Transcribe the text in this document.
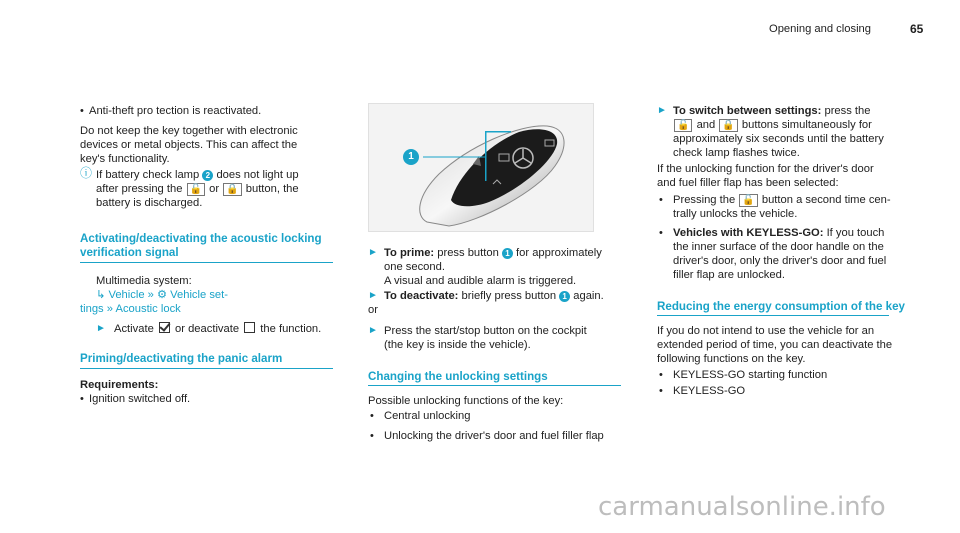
Opening and closing	65
• Anti-theft pro tection is reactivated.
Do not keep the key together with electronic
devices or metal objects. This can affect the
key's functionality.
ⓘ If battery check lamp 2 does not light up
after pressing the 🔓 or 🔒 button, the
battery is discharged.
Activating/deactivating the acoustic locking
verification signal
Multimedia system:
↳ Vehicle » ⚙ Vehicle set-
tings » Acoustic lock
► Activate or deactivate the function.
Priming/deactivating the panic alarm
Requirements:
• Ignition switched off.
1
► To prime: press button 1 for approximately
one second.
A visual and audible alarm is triggered.
► To deactivate: briefly press button 1 again.
or
► Press the start/stop button on the cockpit
(the key is inside the vehicle).
Changing the unlocking settings
Possible unlocking functions of the key:
• Central unlocking
• Unlocking the driver's door and fuel filler flap
► To switch between settings: press the
🔓 and 🔒 buttons simultaneously for
approximately six seconds until the battery
check lamp flashes twice.
If the unlocking function for the driver's door
and fuel filler flap has been selected:
• Pressing the 🔓 button a second time cen-
trally unlocks the vehicle.
• Vehicles with KEYLESS-GO: If you touch
the inner surface of the door handle on the
driver's door, only the driver's door and fuel
filler flap are unlocked.
Reducing the energy consumption of the key
If you do not intend to use the vehicle for an
extended period of time, you can deactivate the
following functions on the key.
• KEYLESS-GO starting function
• KEYLESS-GO
carmanualsonline.info
